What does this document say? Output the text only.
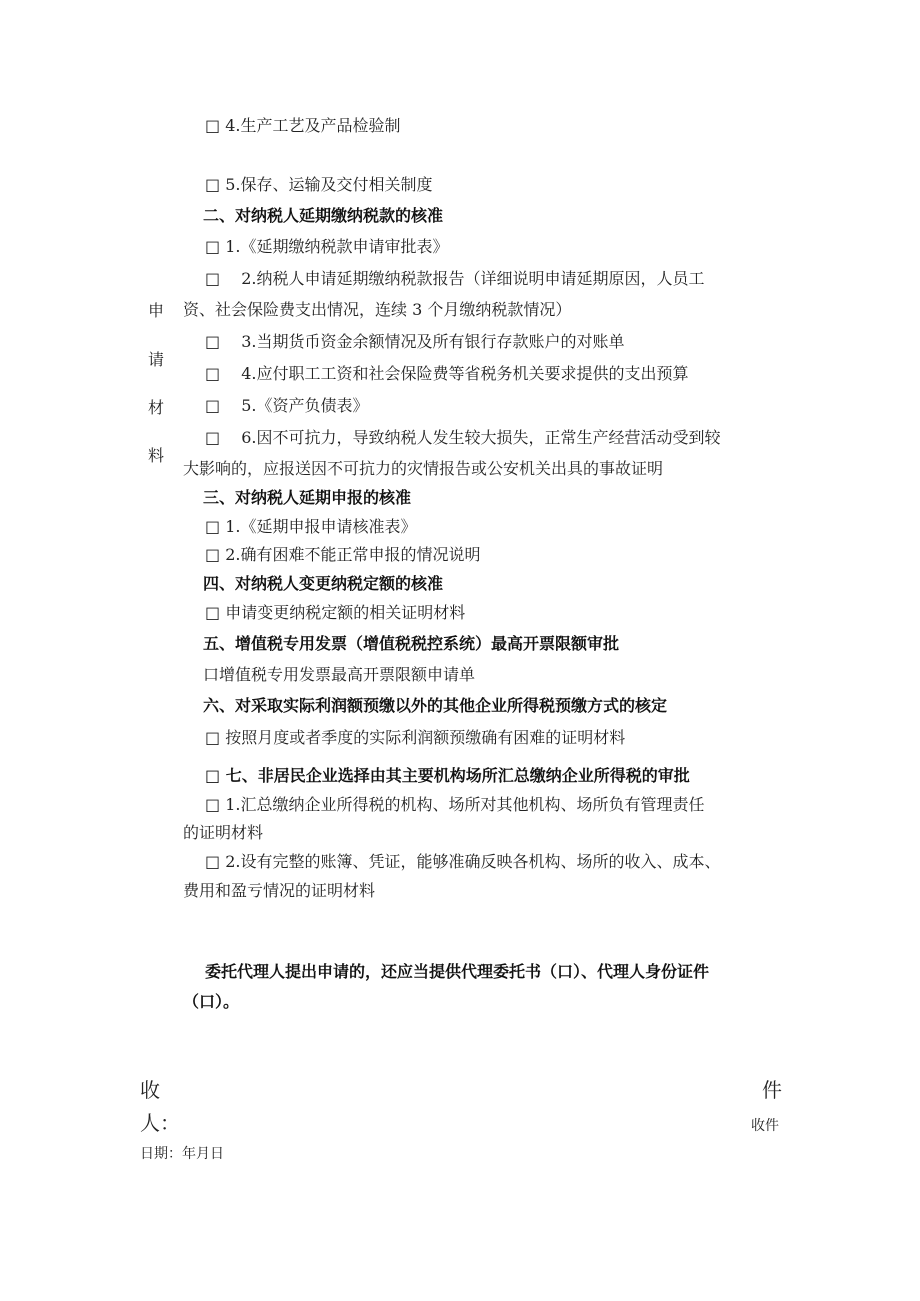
申
请
材
料
□ 4.生产工艺及产品检验制
□ 5.保存、运输及交付相关制度
二、对纳税人延期缴纳税款的核准
□ 1.《延期缴纳税款申请审批表》
□　 2.纳税人申请延期缴纳税款报告（详细说明申请延期原因，人员工
资、社会保险费支出情况，连续 3 个月缴纳税款情况）
□　 3.当期货币资金余额情况及所有银行存款账户的对账单
□　 4.应付职工工资和社会保险费等省税务机关要求提供的支出预算
□　 5.《资产负债表》
□　 6.因不可抗力，导致纳税人发生较大损失，正常生产经营活动受到较
大影响的，应报送因不可抗力的灾情报告或公安机关出具的事故证明
三、对纳税人延期申报的核准
□ 1.《延期申报申请核准表》
□ 2.确有困难不能正常申报的情况说明
四、对纳税人变更纳税定额的核准
□ 申请变更纳税定额的相关证明材料
五、增值税专用发票（增值税税控系统）最高开票限额审批
口增值税专用发票最高开票限额申请单
六、对采取实际利润额预缴以外的其他企业所得税预缴方式的核定
□ 按照月度或者季度的实际利润额预缴确有困难的证明材料
□ 七、非居民企业选择由其主要机构场所汇总缴纳企业所得税的审批
□ 1.汇总缴纳企业所得税的机构、场所对其他机构、场所负有管理责任
的证明材料
□ 2.设有完整的账簿、凭证，能够准确反映各机构、场所的收入、成本、
费用和盈亏情况的证明材料
委托代理人提出申请的，还应当提供代理委托书（口）、代理人身份证件
（口）。
收
人：
件
收件
日期：年月日
